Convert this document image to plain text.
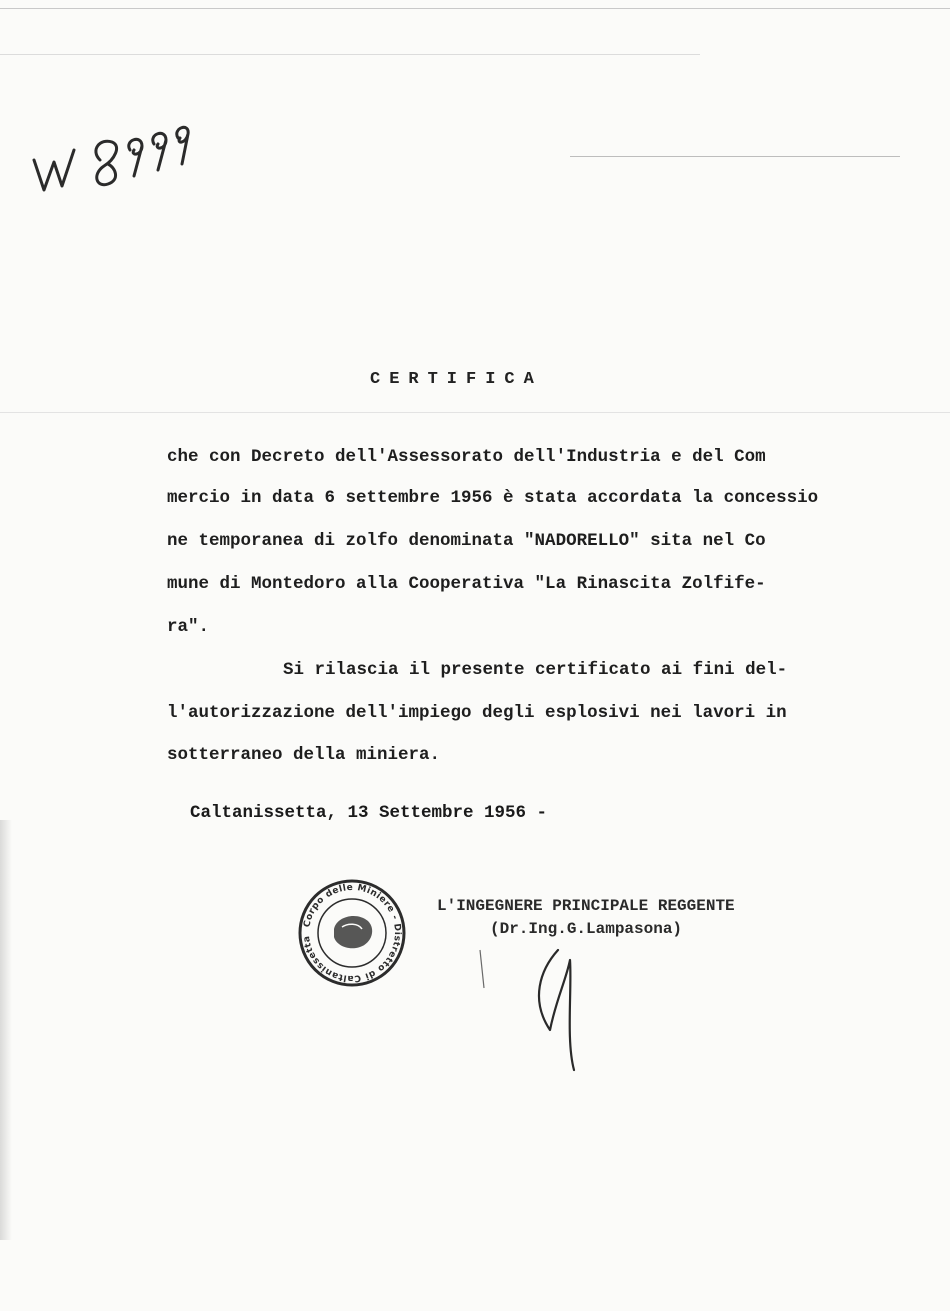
CERTIFICA
che con Decreto dell'Assessorato dell'Industria e del Com
mercio in data 6 settembre 1956 è stata accordata la concessio
ne temporanea di zolfo denominata "NADORELLO" sita nel Co
mune di Montedoro alla Cooperativa "La Rinascita Zolfife-
ra".
Si rilascia il presente certificato ai fini del-
l'autorizzazione dell'impiego degli esplosivi nei lavori in
sotterraneo della miniera.
Caltanissetta, 13 Settembre 1956 -
Corpo delle Miniere - Distretto di Caltanissetta
L'INGEGNERE PRINCIPALE REGGENTE
(Dr.Ing.G.Lampasona)
